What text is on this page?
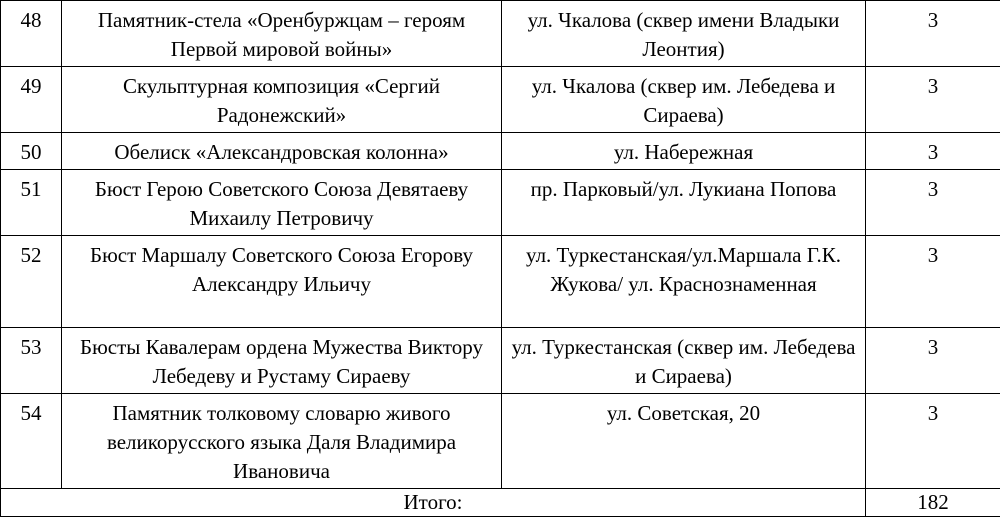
48	Памятник-стела «Оренбуржцам – героям Первой мировой войны»	ул. Чкалова (сквер имени Владыки Леонтия)	3
49	Скульптурная композиция «Сергий Радонежский»	ул. Чкалова (сквер им. Лебедева и Сираева)	3
50	Обелиск «Александровская колонна»	ул. Набережная	3
51	Бюст Герою Советского Союза Девятаеву Михаилу Петровичу	пр. Парковый/ул. Лукиана Попова	3
52	Бюст Маршалу Советского Союза Егорову Александру Ильичу	ул. Туркестанская/ул.Маршала Г.К. Жукова/ ул. Краснознаменная	3
53	Бюсты Кавалерам ордена Мужества Виктору Лебедеву и Рустаму Сираеву	ул. Туркестанская (сквер им. Лебедева и Сираева)	3
54	Памятник толковому словарю живого великорусского языка Даля Владимира Ивановича	ул. Советская, 20	3
Итого:			182
